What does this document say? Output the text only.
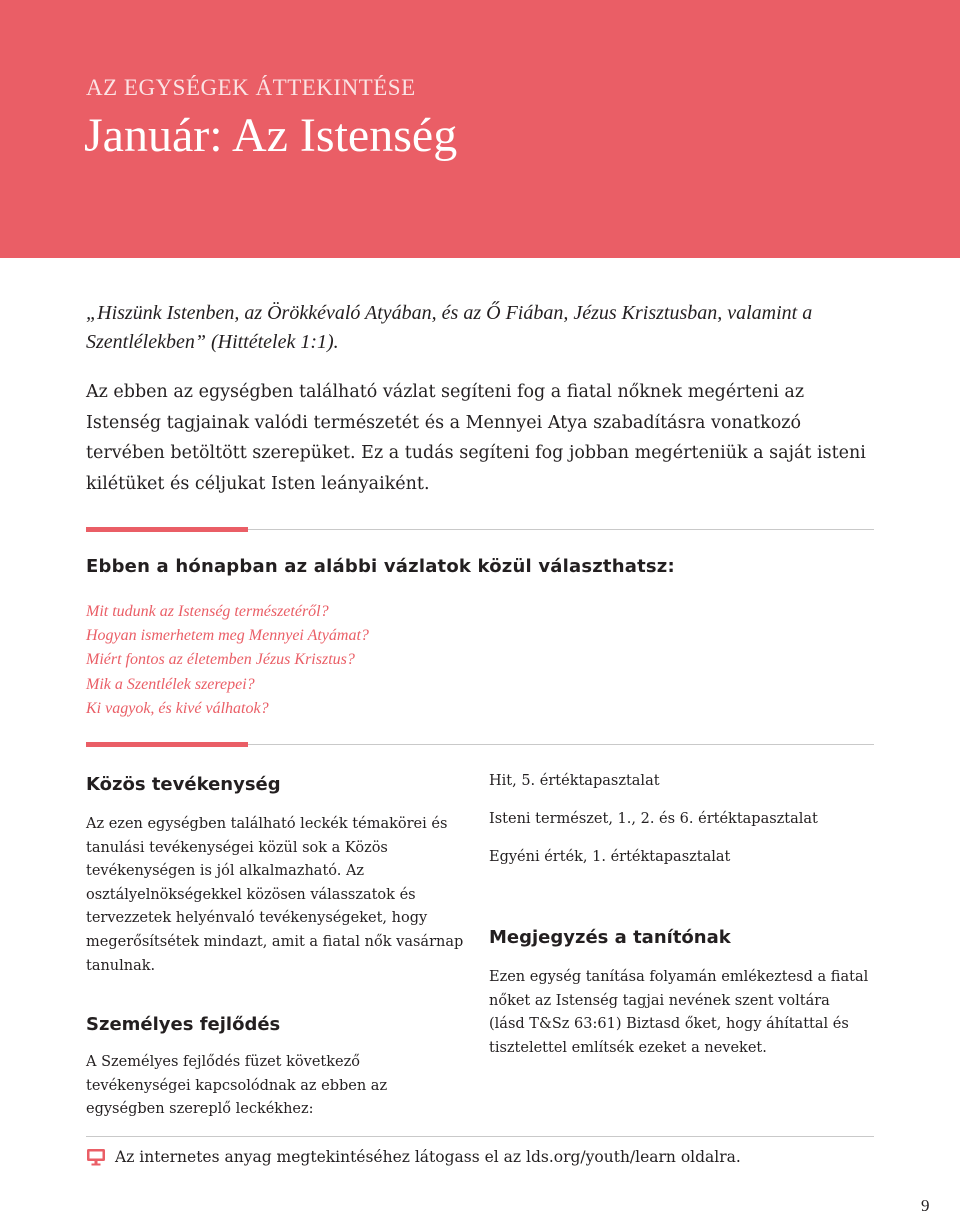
AZ EGYSÉGEK ÁTTEKINTÉSE
Január: Az Istenség
„Hiszünk Istenben, az Örökkévaló Atyában, és az Ő Fiában, Jézus Krisztusban, valamint a Szentlélekben” (Hittételek 1:1).
Az ebben az egységben található vázlat segíteni fog a fiatal nőknek megérteni az Istenség tagjainak valódi természetét és a Mennyei Atya szabadításra vonatkozó tervében betöltött szerepüket. Ez a tudás segíteni fog jobban megérteniük a saját isteni kilétüket és céljukat Isten leányaiként.
Ebben a hónapban az alábbi vázlatok közül választhatsz:
Mit tudunk az Istenség természetéről?
Hogyan ismerhetem meg Mennyei Atyámat?
Miért fontos az életemben Jézus Krisztus?
Mik a Szentlélek szerepei?
Ki vagyok, és kivé válhatok?
Közös tevékenység
Az ezen egységben található leckék témakörei és tanulási tevékenységei közül sok a Közös tevékenységen is jól alkalmazható. Az osztályelnökségekkel közösen válasszatok és tervezzetek helyénvaló tevékenységeket, hogy megerősítsétek mindazt, amit a fiatal nők vasárnap tanulnak.
Személyes fejlődés
A Személyes fejlődés füzet következő tevékenységei kapcsolódnak az ebben az egységben szereplő leckékhez:
Hit, 5. értéktapasztalat
Isteni természet, 1., 2. és 6. értéktapasztalat
Egyéni érték, 1. értéktapasztalat
Megjegyzés a tanítónak
Ezen egység tanítása folyamán emlékeztesd a fiatal nőket az Istenség tagjai nevének szent voltára (lásd T&Sz 63:61) Biztasd őket, hogy áhítattal és tisztelettel említsék ezeket a neveket.
Az internetes anyag megtekintéséhez látogass el az lds.org/youth/learn oldalra.
9
